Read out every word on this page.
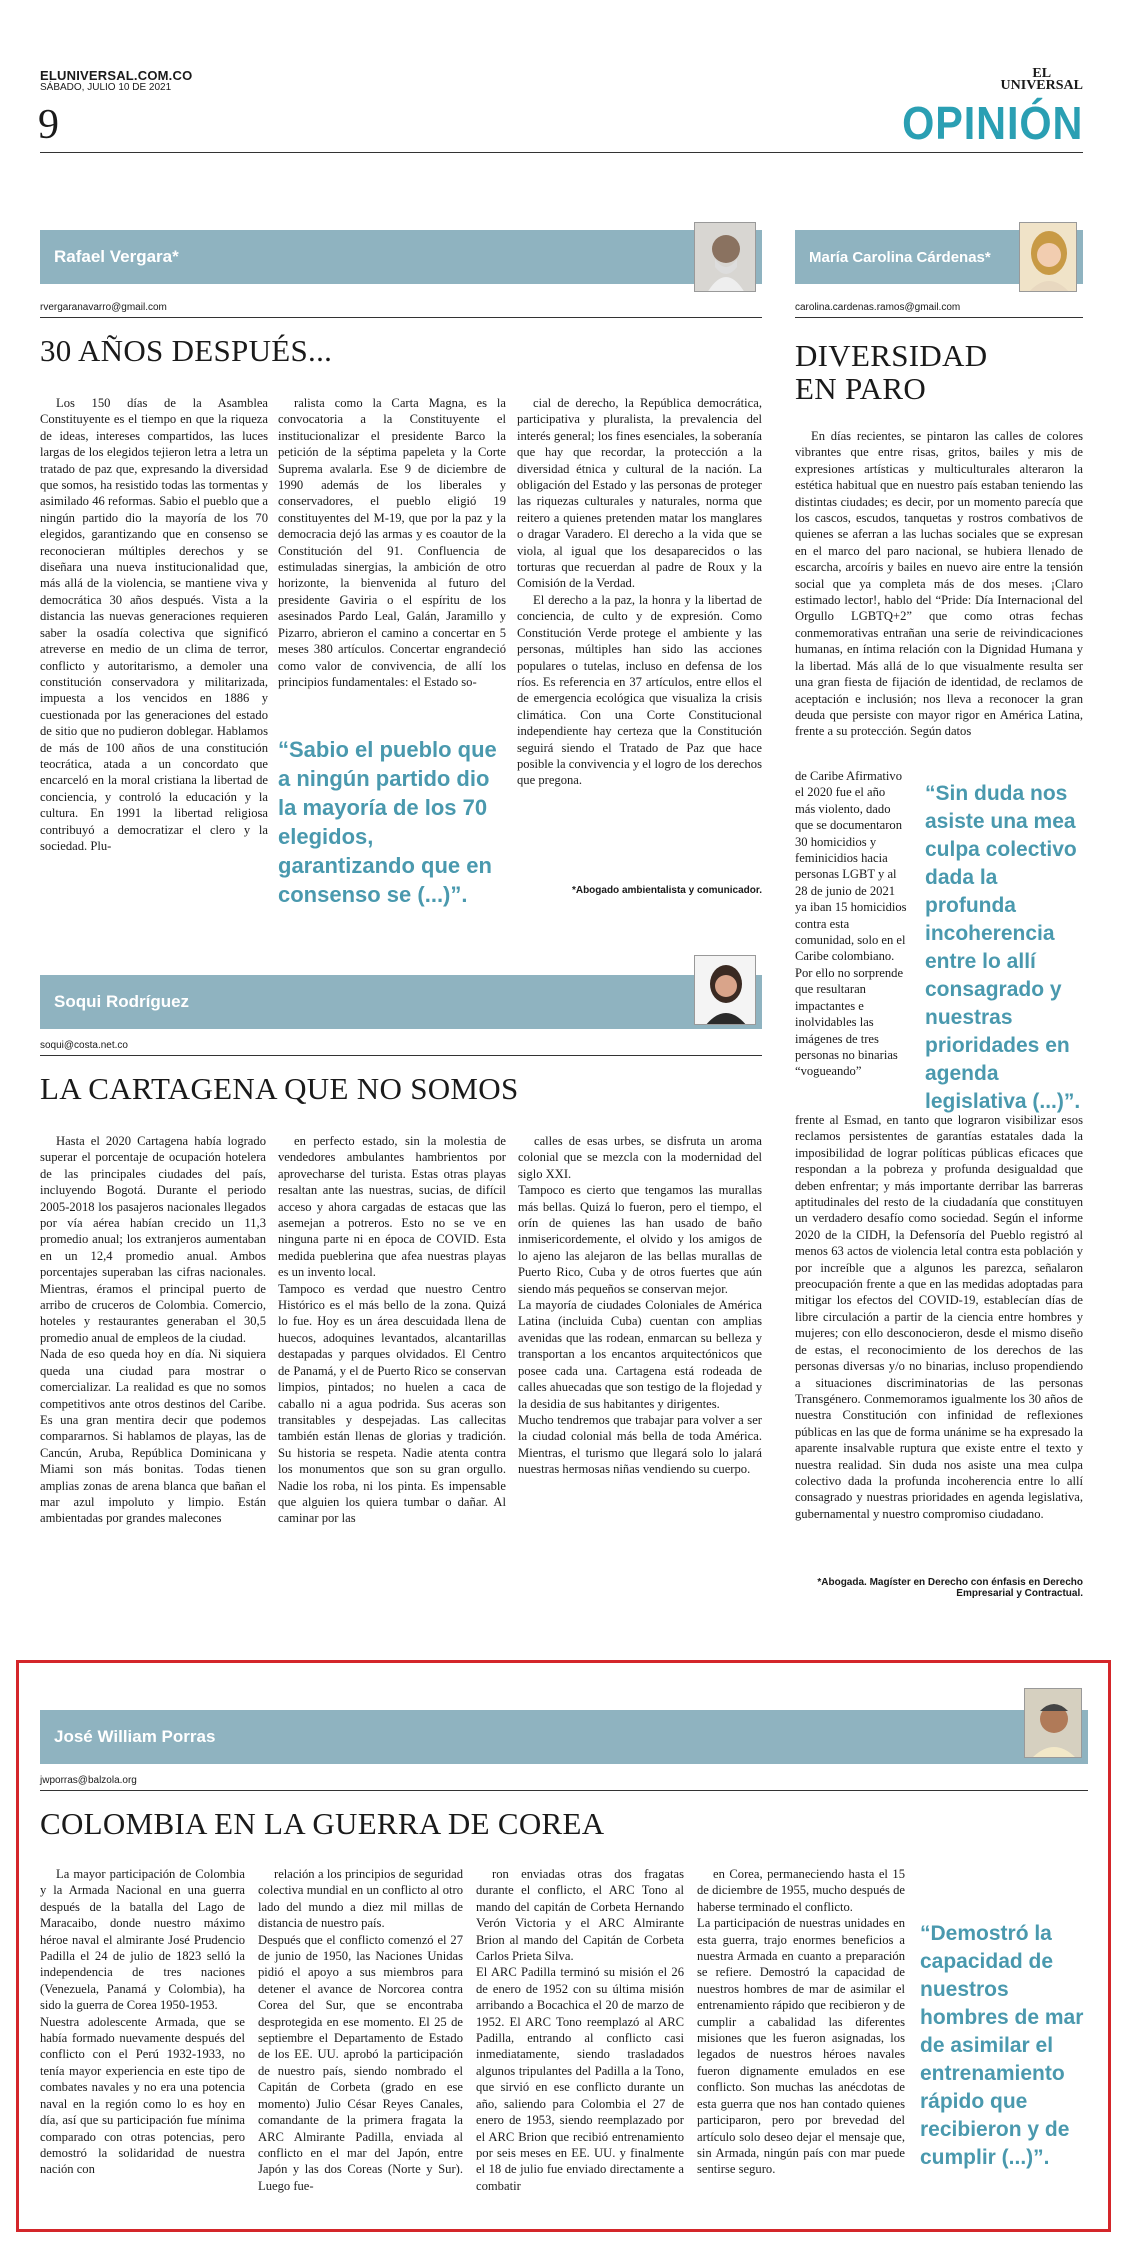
ELUNIVERSAL.COM.CO
SÁBADO, JULIO 10 DE 2021
9
EL
UNIVERSAL
OPINIÓN
Rafael Vergara*
rvergaranavarro@gmail.com
30 AÑOS DESPUÉS...

Los 150 días de la Asamblea Constituyente es el tiempo en que la riqueza de ideas, intereses compartidos, las luces largas de los elegidos tejieron letra a letra un tratado de paz que, expresando la diversidad que somos, ha resistido todas las tormentas y asimilado 46 reformas. Sabio el pueblo que a ningún partido dio la mayoría de los 70 elegidos, garantizando que en consenso se reconocieran múltiples derechos y se diseñara una nueva institucionalidad que, más allá de la violencia, se mantiene viva y democrática 30 años después. Vista a la distancia las nuevas generaciones requieren saber la osadía colectiva que significó atreverse en medio de un clima de terror, conflicto y autoritarismo, a demoler una constitución conservadora y militarizada, impuesta a los vencidos en 1886 y cuestionada por las generaciones del estado de sitio que no pudieron doblegar. Hablamos de más de 100 años de una constitución teocrática, atada a un concordato que encarceló en la moral cristiana la libertad de conciencia, y controló la educación y la cultura. En 1991 la libertad religiosa contribuyó a democratizar el clero y la sociedad. Plu-

ralista como la Carta Magna, es la convocatoria a la Constituyente el institucionalizar el presidente Barco la petición de la séptima papeleta y la Corte Suprema avalarla. Ese 9 de diciembre de 1990 además de los liberales y conservadores, el pueblo eligió 19 constituyentes del M-19, que por la paz y la democracia dejó las armas y es coautor de la Constitución del 91. Confluencia de estimuladas sinergias, la ambición de otro horizonte, la bienvenida al futuro del presidente Gaviria o el espíritu de los asesinados Pardo Leal, Galán, Jaramillo y Pizarro, abrieron el camino a concertar en 5 meses 380 artículos. Concertar engrandeció como valor de convivencia, de allí los principios fundamentales: el Estado so-

“Sabio el pueblo que a ningún partido dio la mayoría de los 70 elegidos, garantizando que en consenso se (...)”.

cial de derecho, la República democrática, participativa y pluralista, la prevalencia del interés general; los fines esenciales, la soberanía que hay que recordar, la protección a la diversidad étnica y cultural de la nación. La obligación del Estado y las personas de proteger las riquezas culturales y naturales, norma que reitero a quienes pretenden matar los manglares o dragar Varadero. El derecho a la vida que se viola, al igual que los desaparecidos o las torturas que recuerdan al padre de Roux y la Comisión de la Verdad.

El derecho a la paz, la honra y la libertad de conciencia, de culto y de expresión. Como Constitución Verde protege el ambiente y las personas, múltiples han sido las acciones populares o tutelas, incluso en defensa de los ríos. Es referencia en 37 artículos, entre ellos el de emergencia ecológica que visualiza la crisis climática. Con una Corte Constitucional independiente hay certeza que la Constitución seguirá siendo el Tratado de Paz que hace posible la convivencia y el logro de los derechos que pregona.

*Abogado ambientalista y comunicador.
María Carolina Cárdenas*
carolina.cardenas.ramos@gmail.com
DIVERSIDAD
EN PARO

En días recientes, se pintaron las calles de colores vibrantes que entre risas, gritos, bailes y mis de expresiones artísticas y multiculturales alteraron la estética habitual que en nuestro país estaban teniendo las distintas ciudades; es decir, por un momento parecía que los cascos, escudos, tanquetas y rostros combativos de quienes se aferran a las luchas sociales que se expresan en el marco del paro nacional, se hubiera llenado de escarcha, arcoíris y bailes en nuevo aire entre la tensión social que ya completa más de dos meses. ¡Claro estimado lector!, hablo del “Pride: Día Internacional del Orgullo LGBTQ+2” que como otras fechas conmemorativas entrañan una serie de reivindicaciones humanas, en íntima relación con la Dignidad Humana y la libertad. Más allá de lo que visualmente resulta ser una gran fiesta de fijación de identidad, de reclamos de aceptación e inclusión; nos lleva a reconocer la gran deuda que persiste con mayor rigor en América Latina, frente a su protección. Según datos

de Caribe Afirmativo el 2020 fue el año más violento, dado que se documentaron 30 homicidios y feminicidios hacia personas LGBT y al 28 de junio de 2021 ya iban 15 homicidios contra esta comunidad, solo en el Caribe colombiano. Por ello no sorprende que resultaran impactantes e inolvidables las imágenes de tres personas no binarias “vogueando”

“Sin duda nos asiste una mea culpa colectivo dada la profunda incoherencia entre lo allí consagrado y nuestras prioridades en agenda legislativa (...)”.

frente al Esmad, en tanto que lograron visibilizar esos reclamos persistentes de garantías estatales dada la imposibilidad de lograr políticas públicas eficaces que respondan a la pobreza y profunda desigualdad que deben enfrentar; y más importante derribar las barreras aptitudinales del resto de la ciudadanía que constituyen un verdadero desafío como sociedad. Según el informe 2020 de la CIDH, la Defensoría del Pueblo registró al menos 63 actos de violencia letal contra esta población y por increíble que a algunos les parezca, señalaron preocupación frente a que en las medidas adoptadas para mitigar los efectos del COVID-19, establecían días de libre circulación a partir de la ciencia entre hombres y mujeres; con ello desconocieron, desde el mismo diseño de estas, el reconocimiento de los derechos de las personas diversas y/o no binarias, incluso propendiendo a situaciones discriminatorias de las personas Transgénero. Conmemoramos igualmente los 30 años de nuestra Constitución con infinidad de reflexiones públicas en las que de forma unánime se ha expresado la aparente insalvable ruptura que existe entre el texto y nuestra realidad. Sin duda nos asiste una mea culpa colectivo dada la profunda incoherencia entre lo allí consagrado y nuestras prioridades en agenda legislativa, gubernamental y nuestro compromiso ciudadano.

*Abogada. Magíster en Derecho con énfasis en Derecho Empresarial y Contractual.
Soqui Rodríguez
soqui@costa.net.co
LA CARTAGENA QUE NO SOMOS

Hasta el 2020 Cartagena había logrado superar el porcentaje de ocupación hotelera de las principales ciudades del país, incluyendo Bogotá. Durante el periodo 2005-2018 los pasajeros nacionales llegados por vía aérea habían crecido un 11,3 promedio anual; los extranjeros aumentaban en un 12,4 promedio anual. Ambos porcentajes superaban las cifras nacionales. Mientras, éramos el principal puerto de arribo de cruceros de Colombia. Comercio, hoteles y restaurantes generaban el 30,5 promedio anual de empleos de la ciudad.
Nada de eso queda hoy en día. Ni siquiera queda una ciudad para mostrar o comercializar. La realidad es que no somos competitivos ante otros destinos del Caribe. Es una gran mentira decir que podemos compararnos. Si hablamos de playas, las de Cancún, Aruba, República Dominicana y Miami son más bonitas. Todas tienen amplias zonas de arena blanca que bañan el mar azul impoluto y limpio. Están ambientadas por grandes malecones

en perfecto estado, sin la molestia de vendedores ambulantes hambrientos por aprovecharse del turista. Estas otras playas resaltan ante las nuestras, sucias, de difícil acceso y ahora cargadas de estacas que las asemejan a potreros. Esto no se ve en ninguna parte ni en época de COVID. Esta medida pueblerina que afea nuestras playas es un invento local.
Tampoco es verdad que nuestro Centro Histórico es el más bello de la zona. Quizá lo fue. Hoy es un área descuidada llena de huecos, adoquines levantados, alcantarillas destapadas y parques olvidados. El Centro de Panamá, y el de Puerto Rico se conservan limpios, pintados; no huelen a caca de caballo ni a agua podrida. Sus aceras son transitables y despejadas. Las callecitas también están llenas de glorias y tradición. Su historia se respeta. Nadie atenta contra los monumentos que son su gran orgullo. Nadie los roba, ni los pinta. Es impensable que alguien los quiera tumbar o dañar. Al caminar por las

calles de esas urbes, se disfruta un aroma colonial que se mezcla con la modernidad del siglo XXI.
Tampoco es cierto que tengamos las murallas más bellas. Quizá lo fueron, pero el tiempo, el orín de quienes las han usado de baño inmisericordemente, el olvido y los amigos de lo ajeno las alejaron de las bellas murallas de Puerto Rico, Cuba y de otros fuertes que aún siendo más pequeños se conservan mejor.
La mayoría de ciudades Coloniales de América Latina (incluida Cuba) cuentan con amplias avenidas que las rodean, enmarcan su belleza y transportan a los encantos arquitectónicos que posee cada una. Cartagena está rodeada de calles ahuecadas que son testigo de la flojedad y la desidia de sus habitantes y dirigentes.
Mucho tendremos que trabajar para volver a ser la ciudad colonial más bella de toda América. Mientras, el turismo que llegará solo lo jalará nuestras hermosas niñas vendiendo su cuerpo.

José William Porras
jwporras@balzola.org
COLOMBIA EN LA GUERRA DE COREA

La mayor participación de Colombia y la Armada Nacional en una guerra después de la batalla del Lago de Maracaibo, donde nuestro máximo héroe naval el almirante José Prudencio Padilla el 24 de julio de 1823 selló la independencia de tres naciones (Venezuela, Panamá y Colombia), ha sido la guerra de Corea 1950-1953.
Nuestra adolescente Armada, que se había formado nuevamente después del conflicto con el Perú 1932-1933, no tenía mayor experiencia en este tipo de combates navales y no era una potencia naval en la región como lo es hoy en día, así que su participación fue mínima comparado con otras potencias, pero demostró la solidaridad de nuestra nación con

relación a los principios de seguridad colectiva mundial en un conflicto al otro lado del mundo a diez mil millas de distancia de nuestro país.
Después que el conflicto comenzó el 27 de junio de 1950, las Naciones Unidas pidió el apoyo a sus miembros para detener el avance de Norcorea contra Corea del Sur, que se encontraba desprotegida en ese momento. El 25 de septiembre el Departamento de Estado de los EE. UU. aprobó la participación de nuestro país, siendo nombrado el Capitán de Corbeta (grado en ese momento) Julio César Reyes Canales, comandante de la primera fragata la ARC Almirante Padilla, enviada al conflicto en el mar del Japón, entre Japón y las dos Coreas (Norte y Sur). Luego fue-

ron enviadas otras dos fragatas durante el conflicto, el ARC Tono al mando del capitán de Corbeta Hernando Verón Victoria y el ARC Almirante Brion al mando del Capitán de Corbeta Carlos Prieta Silva.
El ARC Padilla terminó su misión el 26 de enero de 1952 con su última misión arribando a Bocachica el 20 de marzo de 1952. El ARC Tono reemplazó al ARC Padilla, entrando al conflicto casi inmediatamente, siendo trasladados algunos tripulantes del Padilla a la Tono, que sirvió en ese conflicto durante un año, saliendo para Colombia el 27 de enero de 1953, siendo reemplazado por el ARC Brion que recibió entrenamiento por seis meses en EE. UU. y finalmente el 18 de julio fue enviado directamente a combatir

en Corea, permaneciendo hasta el 15 de diciembre de 1955, mucho después de haberse terminado el conflicto.
La participación de nuestras unidades en esta guerra, trajo enormes beneficios a nuestra Armada en cuanto a preparación se refiere. Demostró la capacidad de nuestros hombres de mar de asimilar el entrenamiento rápido que recibieron y de cumplir a cabalidad las diferentes misiones que les fueron asignadas, los legados de nuestros héroes navales fueron dignamente emulados en ese conflicto. Son muchas las anécdotas de esta guerra que nos han contado quienes participaron, pero por brevedad del artículo solo deseo dejar el mensaje que, sin Armada, ningún país con mar puede sentirse seguro.

“Demostró la capacidad de nuestros hombres de mar de asimilar el entrenamiento rápido que recibieron y de cumplir (...)”.
